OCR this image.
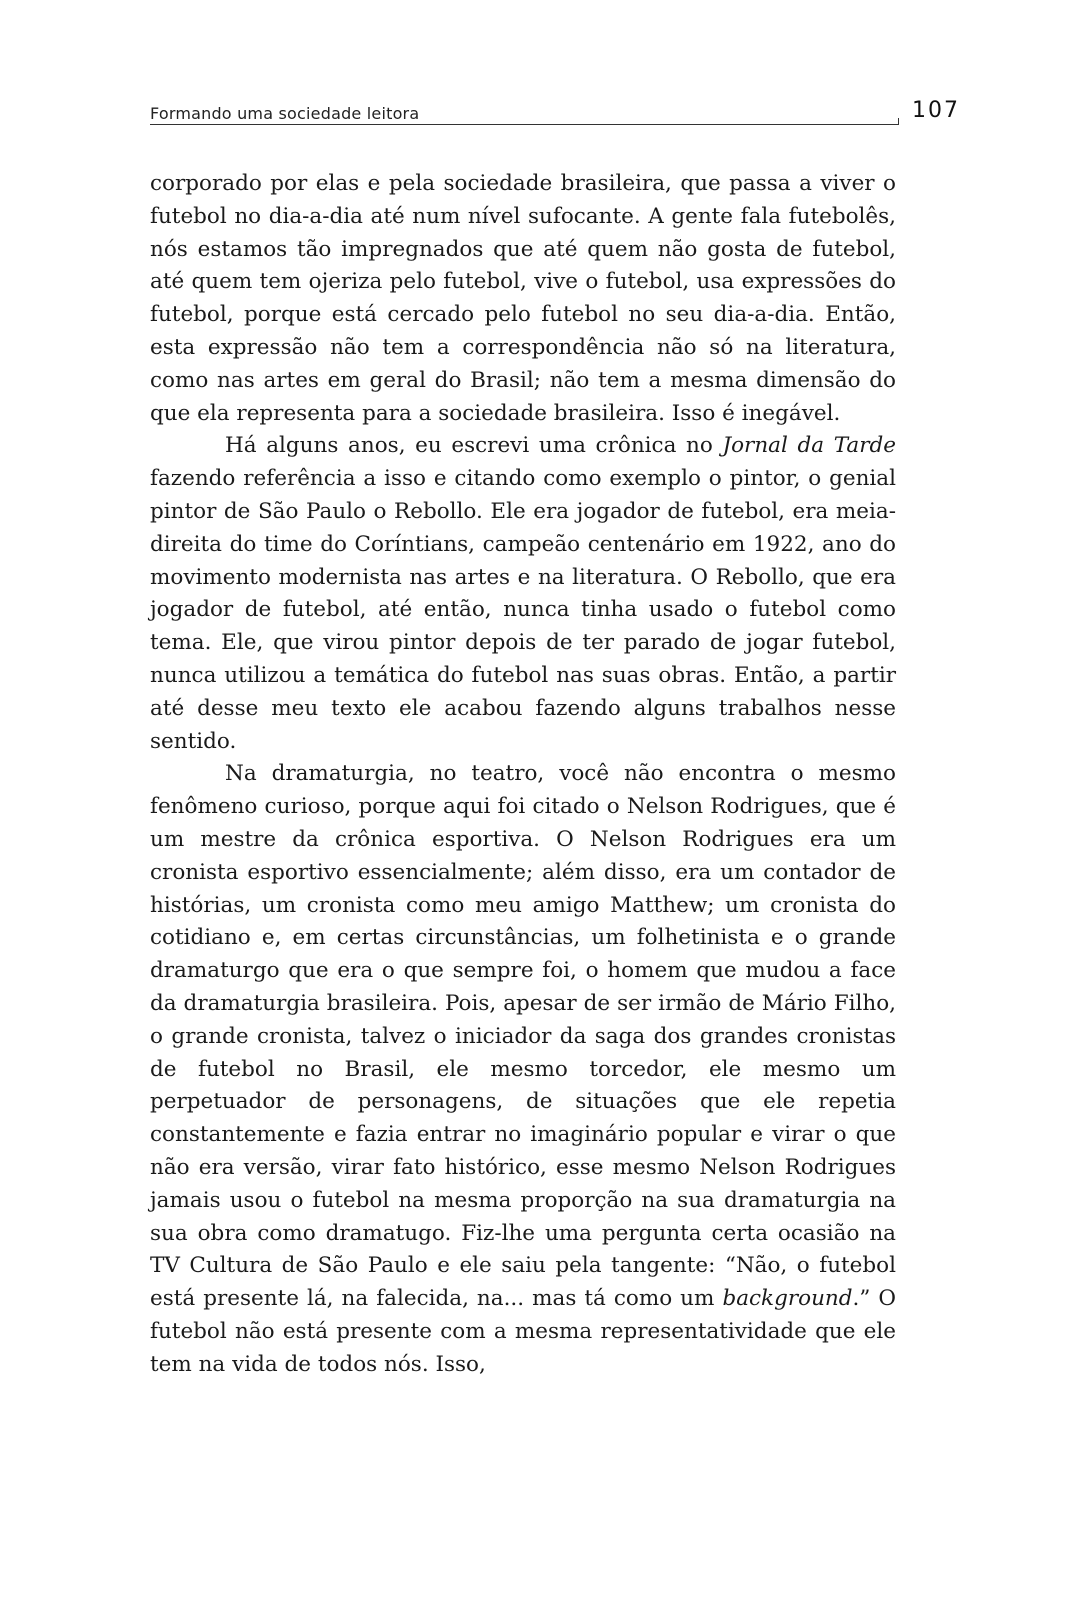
Formando uma sociedade leitora	107

corporado por elas e pela sociedade brasileira, que passa a viver o futebol no dia-a-dia até num nível sufocante. A gente fala futebolês, nós estamos tão impregnados que até quem não gosta de futebol, até quem tem ojeriza pelo futebol, vive o futebol, usa expressões do futebol, porque está cercado pelo futebol no seu dia-a-dia. Então, esta expressão não tem a correspondência não só na literatura, como nas artes em geral do Brasil; não tem a mesma dimensão do que ela representa para a sociedade brasileira. Isso é inegável.

Há alguns anos, eu escrevi uma crônica no Jornal da Tarde fazendo referência a isso e citando como exemplo o pintor, o genial pintor de São Paulo o Rebollo. Ele era jogador de futebol, era meia-direita do time do Coríntians, campeão centenário em 1922, ano do movimento modernista nas artes e na literatura. O Rebollo, que era jogador de futebol, até então, nunca tinha usado o futebol como tema. Ele, que virou pintor depois de ter parado de jogar futebol, nunca utilizou a temática do futebol nas suas obras. Então, a partir até desse meu texto ele acabou fazendo alguns trabalhos nesse sentido.

Na dramaturgia, no teatro, você não encontra o mesmo fenômeno curioso, porque aqui foi citado o Nelson Rodrigues, que é um mestre da crônica esportiva. O Nelson Rodrigues era um cronista esportivo essencialmente; além disso, era um contador de histórias, um cronista como meu amigo Matthew; um cronista do cotidiano e, em certas circunstâncias, um folhetinista e o grande dramaturgo que era o que sempre foi, o homem que mudou a face da dramaturgia brasileira. Pois, apesar de ser irmão de Mário Filho, o grande cronista, talvez o iniciador da saga dos grandes cronistas de futebol no Brasil, ele mesmo torcedor, ele mesmo um perpetuador de personagens, de situações que ele repetia constantemente e fazia entrar no imaginário popular e virar o que não era versão, virar fato histórico, esse mesmo Nelson Rodrigues jamais usou o futebol na mesma proporção na sua dramaturgia na sua obra como dramatugo. Fiz-lhe uma pergunta certa ocasião na TV Cultura de São Paulo e ele saiu pela tangente: “Não, o futebol está presente lá, na falecida, na... mas tá como um background.” O futebol não está presente com a mesma representatividade que ele tem na vida de todos nós. Isso,
